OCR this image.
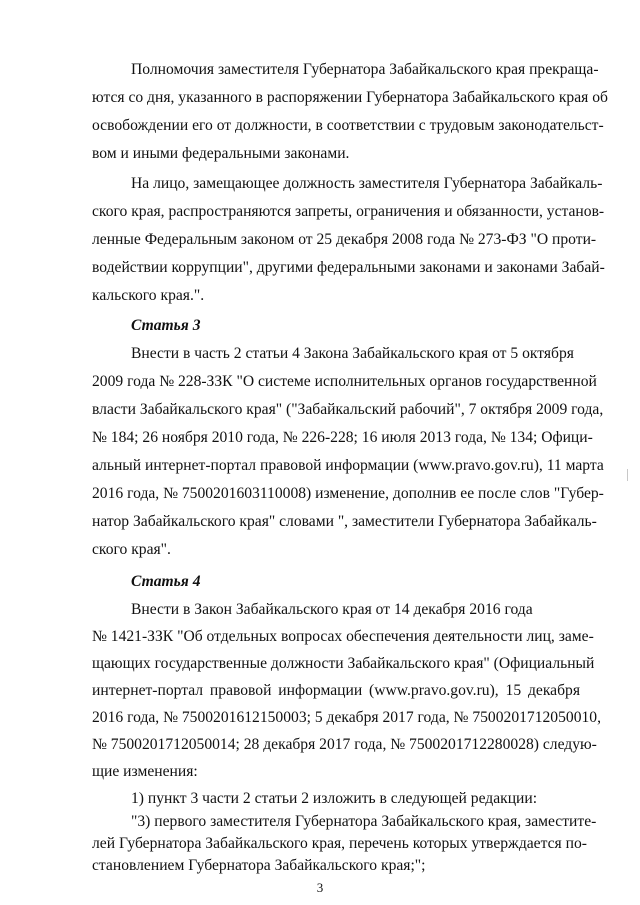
Полномочия заместителя Губернатора Забайкальского края прекраща-
ются со дня, указанного в распоряжении Губернатора Забайкальского края об
освобождении его от должности, в соответствии с трудовым законодательст-
вом и иными федеральными законами.
На лицо, замещающее должность заместителя Губернатора Забайкаль-
ского края, распространяются запреты, ограничения и обязанности, установ-
ленные Федеральным законом от 25 декабря 2008 года № 273-ФЗ "О проти-
водействии коррупции", другими федеральными законами и законами Забай-
кальского края.".
Статья 3
Внести в часть 2 статьи 4 Закона Забайкальского края от 5 октября
2009 года № 228-ЗЗК "О системе исполнительных органов государственной
власти Забайкальского края" ("Забайкальский рабочий", 7 октября 2009 года,
№ 184; 26 ноября 2010 года, № 226-228; 16 июля 2013 года, № 134; Офици-
альный интернет-портал правовой информации (www.pravo.gov.ru), 11 марта
2016 года, № 7500201603110008) изменение, дополнив ее после слов "Губер-
натор Забайкальского края" словами ", заместители Губернатора Забайкаль-
ского края".
Статья 4
Внести в Закон Забайкальского края от 14 декабря 2016 года
№ 1421-ЗЗК "Об отдельных вопросах обеспечения деятельности лиц, заме-
щающих государственные должности Забайкальского края" (Официальный
интернет-портал правовой информации (www.pravo.gov.ru), 15 декабря
2016 года, № 7500201612150003; 5 декабря 2017 года, № 7500201712050010,
№ 7500201712050014; 28 декабря 2017 года, № 7500201712280028) следую-
щие изменения:
1) пункт 3 части 2 статьи 2 изложить в следующей редакции:
"3) первого заместителя Губернатора Забайкальского края, заместите-
лей Губернатора Забайкальского края, перечень которых утверждается по-
становлением Губернатора Забайкальского края;";
3
